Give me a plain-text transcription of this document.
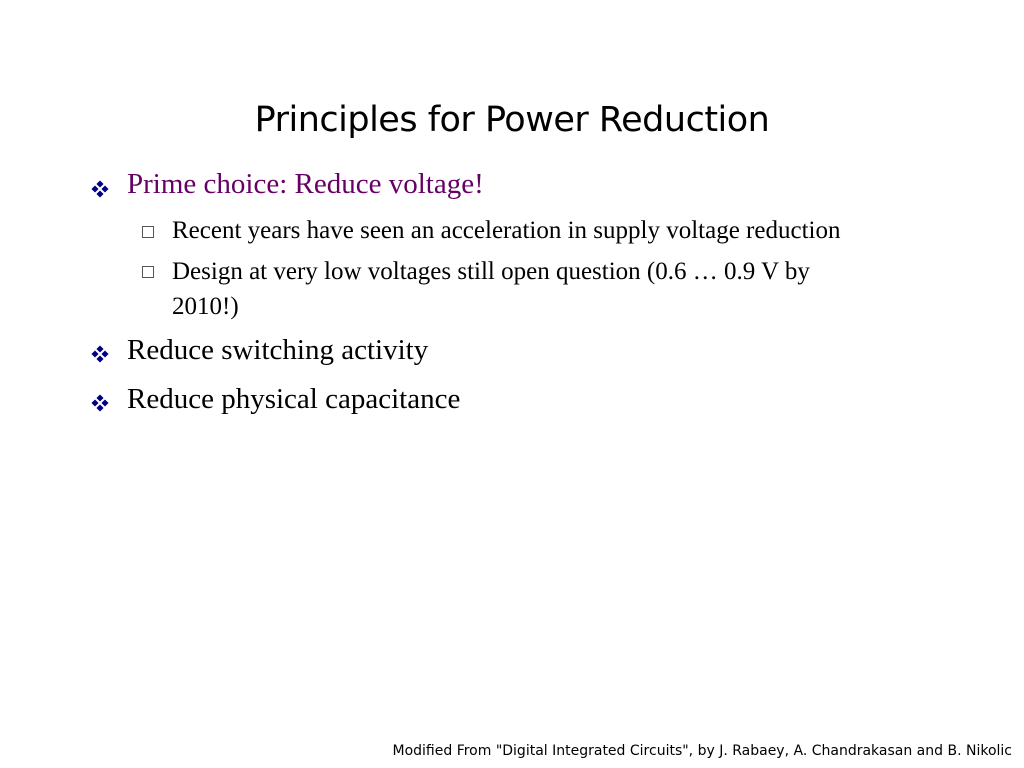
Principles for Power Reduction
Prime choice: Reduce voltage!
Recent years have seen an acceleration in supply voltage reduction
Design at very low voltages still open question (0.6 … 0.9 V by
2010!)
Reduce switching activity
Reduce physical capacitance
Modified From "Digital Integrated Circuits", by J. Rabaey, A. Chandrakasan and B. Nikolic
